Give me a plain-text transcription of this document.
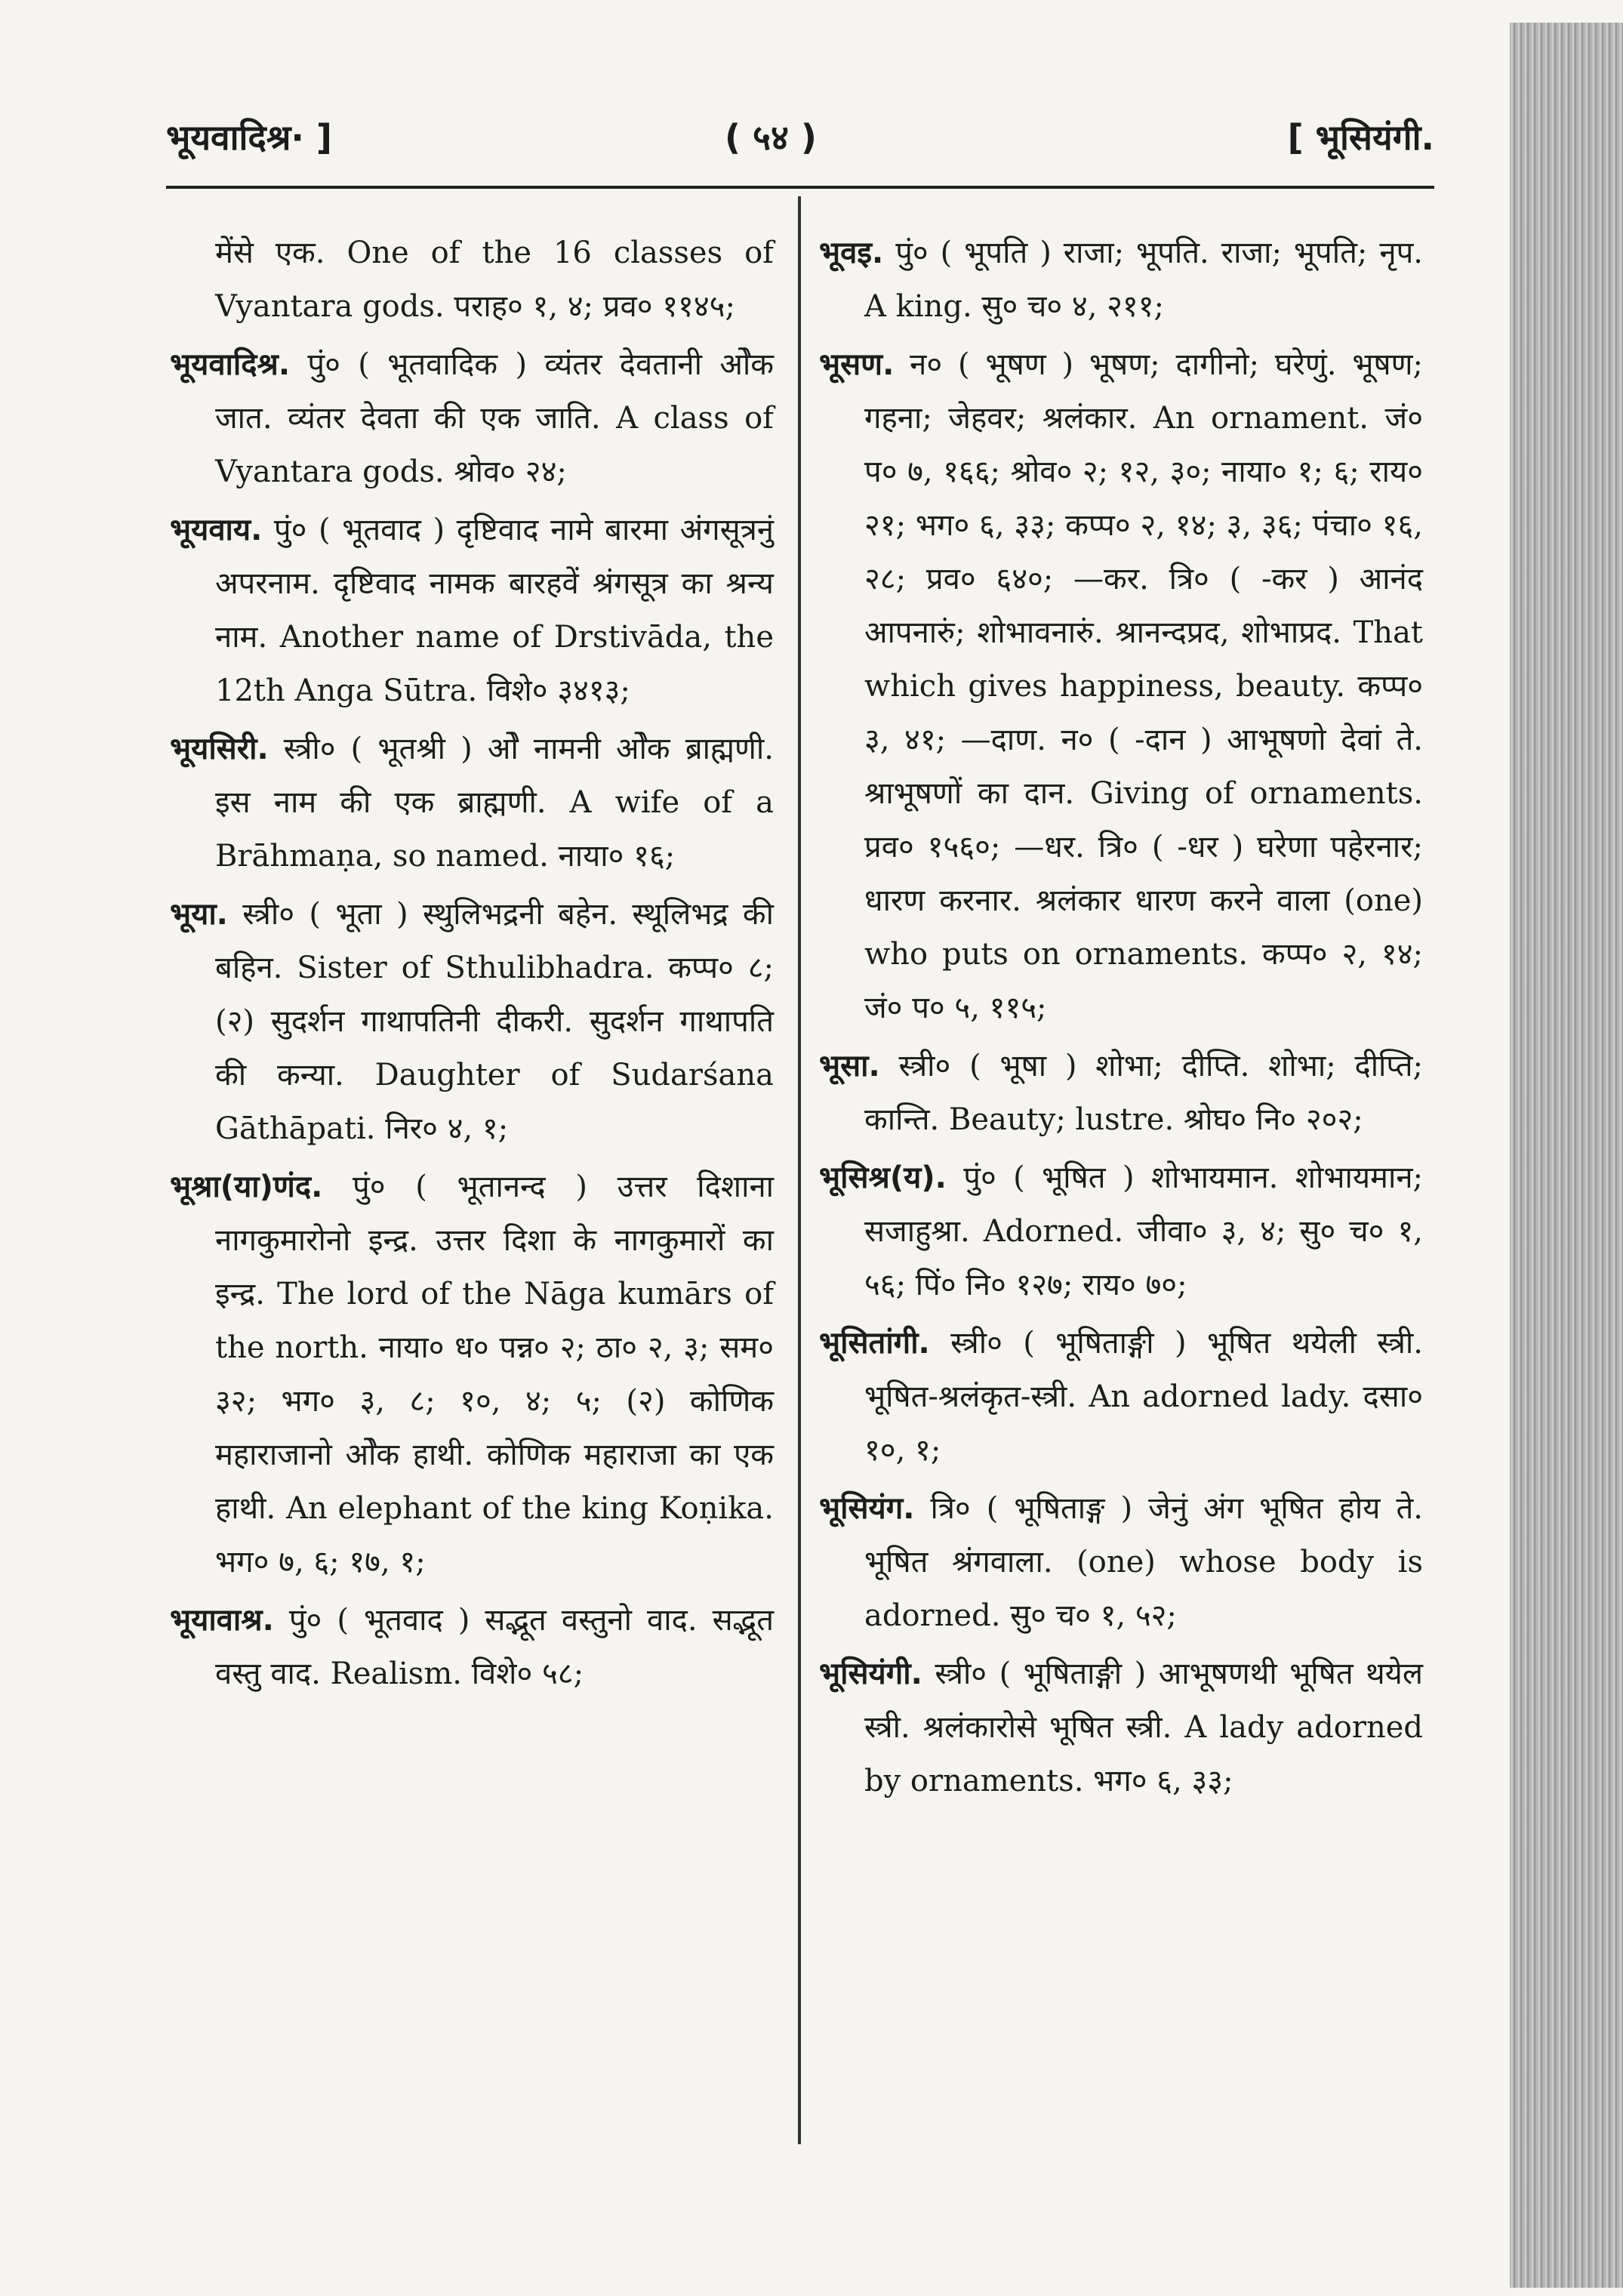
भूयवादिश्र· ]	( ५४ )	[ भूसियंगी.

मेंसे एक. One of the 16 classes of Vyantara gods. पराह० १, ४; प्रव० ११४५;

भूयवादिश्र. पुं० ( भूतवादिक ) व्यंतर देवतानी ओेक जात. व्यंतर देवता की एक जाति. A class of Vyantara gods. श्रोव० २४;

भूयवाय. पुं० ( भूतवाद ) दृष्टिवाद नामे बारमा अंगसूत्रनुं अपरनाम. दृष्टिवाद नामक बारहवें श्रंगसूत्र का श्रन्य नाम. Another name of Drstivāda, the 12th Anga Sūtra. विशे० ३४१३;

भूयसिरी. स्त्री० ( भूतश्री ) ओे नामनी ओेक ब्राह्मणी. इस नाम की एक ब्राह्मणी. A wife of a Brāhmaṇa, so named. नाया० १६;

भूया. स्त्री० ( भूता ) स्थुलिभद्रनी बहेन. स्थूलिभद्र की बहिन. Sister of Sthulibhadra. कप्प० ८; (२) सुदर्शन गाथापतिनी दीकरी. सुदर्शन गाथापति की कन्या. Daughter of Sudarśana Gāthāpati. निर० ४, १;

भूश्रा(या)णंद. पुं० ( भूतानन्द ) उत्तर दिशाना नागकुमारोनो इन्द्र. उत्तर दिशा के नागकुमारों का इन्द्र. The lord of the Nāga kumārs of the north. नाया० ध० पन्न० २; ठा० २, ३; सम० ३२; भग० ३, ८; १०, ४; ५; (२) कोणिक महाराजानो ओेक हाथी. कोणिक महाराजा का एक हाथी. An elephant of the king Koṇika. भग० ७, ६; १७, १;

भूयावाश्र. पुं० ( भूतवाद ) सद्भूत वस्तुनो वाद. सद्भूत वस्तु वाद. Realism. विशे० ५८;

भूवइ. पुं० ( भूपति ) राजा; भूपति. राजा; भूपति; नृप. A king. सु० च० ४, २११;

भूसण. न० ( भूषण ) भूषण; दागीनो; घरेणुं. भूषण; गहना; जेहवर; श्रलंकार. An ornament. जं० प० ७, १६६; श्रोव० २; १२, ३०; नाया० १; ६; राय० २१; भग० ६, ३३; कप्प० २, १४; ३, ३६; पंचा० १६, २८; प्रव० ६४०; —कर. त्रि० ( -कर ) आनंद आपनारुं; शोभावनारुं. श्रानन्दप्रद, शोभाप्रद. That which gives happiness, beauty. कप्प० ३, ४१; —दाण. न० ( -दान ) आभूषणो देवां ते. श्राभूषणों का दान. Giving of ornaments. प्रव० १५६०; —धर. त्रि० ( -धर ) घरेणा पहेरनार; धारण करनार. श्रलंकार धारण करने वाला (one) who puts on ornaments. कप्प० २, १४; जं० प० ५, ११५;

भूसा. स्त्री० ( भूषा ) शोभा; दीप्ति. शोभा; दीप्ति; कान्ति. Beauty; lustre. श्रोघ० नि० २०२;

भूसिश्र(य). पुं० ( भूषित ) शोभायमान. शोभायमान; सजाहुश्रा. Adorned. जीवा० ३, ४; सु० च० १, ५६; पिं० नि० १२७; राय० ७०;

भूसितांगी. स्त्री० ( भूषिताङ्गी ) भूषित थयेली स्त्री. भूषित-श्रलंकृत-स्त्री. An adorned lady. दसा० १०, १;

भूसियंग. त्रि० ( भूषिताङ्ग ) जेनुं अंग भूषित होय ते. भूषित श्रंगवाला. (one) whose body is adorned. सु० च० १, ५२;

भूसियंगी. स्त्री० ( भूषिताङ्गी ) आभूषणथी भूषित थयेल स्त्री. श्रलंकारोसे भूषित स्त्री. A lady adorned by ornaments. भग० ६, ३३;
